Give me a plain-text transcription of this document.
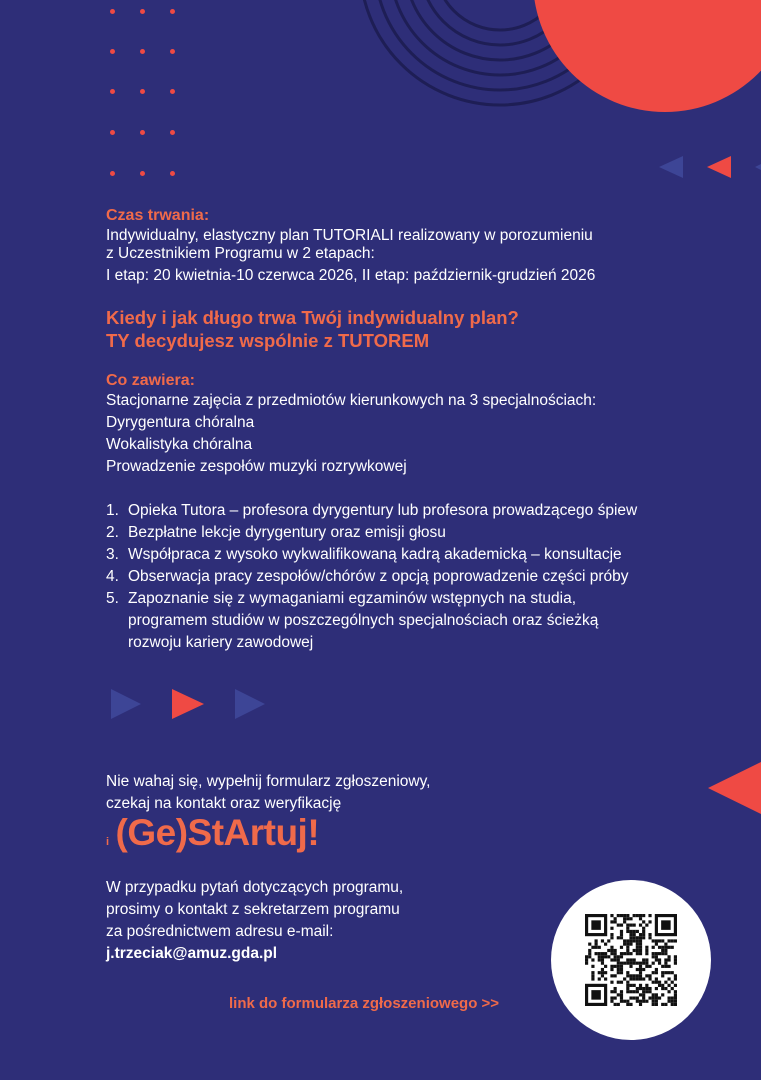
Czas trwania:
Indywidualny, elastyczny plan TUTORIALI realizowany w porozumieniu
z Uczestnikiem Programu w 2 etapach:
I etap: 20 kwietnia-10 czerwca 2026, II etap: październik-grudzień 2026
Kiedy i jak długo trwa Twój indywidualny plan?
TY decydujesz wspólnie z TUTOREM
Co zawiera:
Stacjonarne zajęcia z przedmiotów kierunkowych na 3 specjalnościach:
Dyrygentura chóralna
Wokalistyka chóralna
Prowadzenie zespołów muzyki rozrywkowej
1. Opieka Tutora – profesora dyrygentury lub profesora prowadzącego śpiew
2. Bezpłatne lekcje dyrygentury oraz emisji głosu
3. Współpraca z wysoko wykwalifikowaną kadrą akademicką – konsultacje
4. Obserwacja pracy zespołów/chórów z opcją poprowadzenie części próby
5. Zapoznanie się z wymaganiami egzaminów wstępnych na studia,
programem studiów w poszczególnych specjalnościach oraz ścieżką
rozwoju kariery zawodowej
Nie wahaj się, wypełnij formularz zgłoszeniowy,
czekaj na kontakt oraz weryfikację
i (Ge)StArtuj!
W przypadku pytań dotyczących programu,
prosimy o kontakt z sekretarzem programu
za pośrednictwem adresu e-mail:
j.trzeciak@amuz.gda.pl
link do formularza zgłoszeniowego >>
